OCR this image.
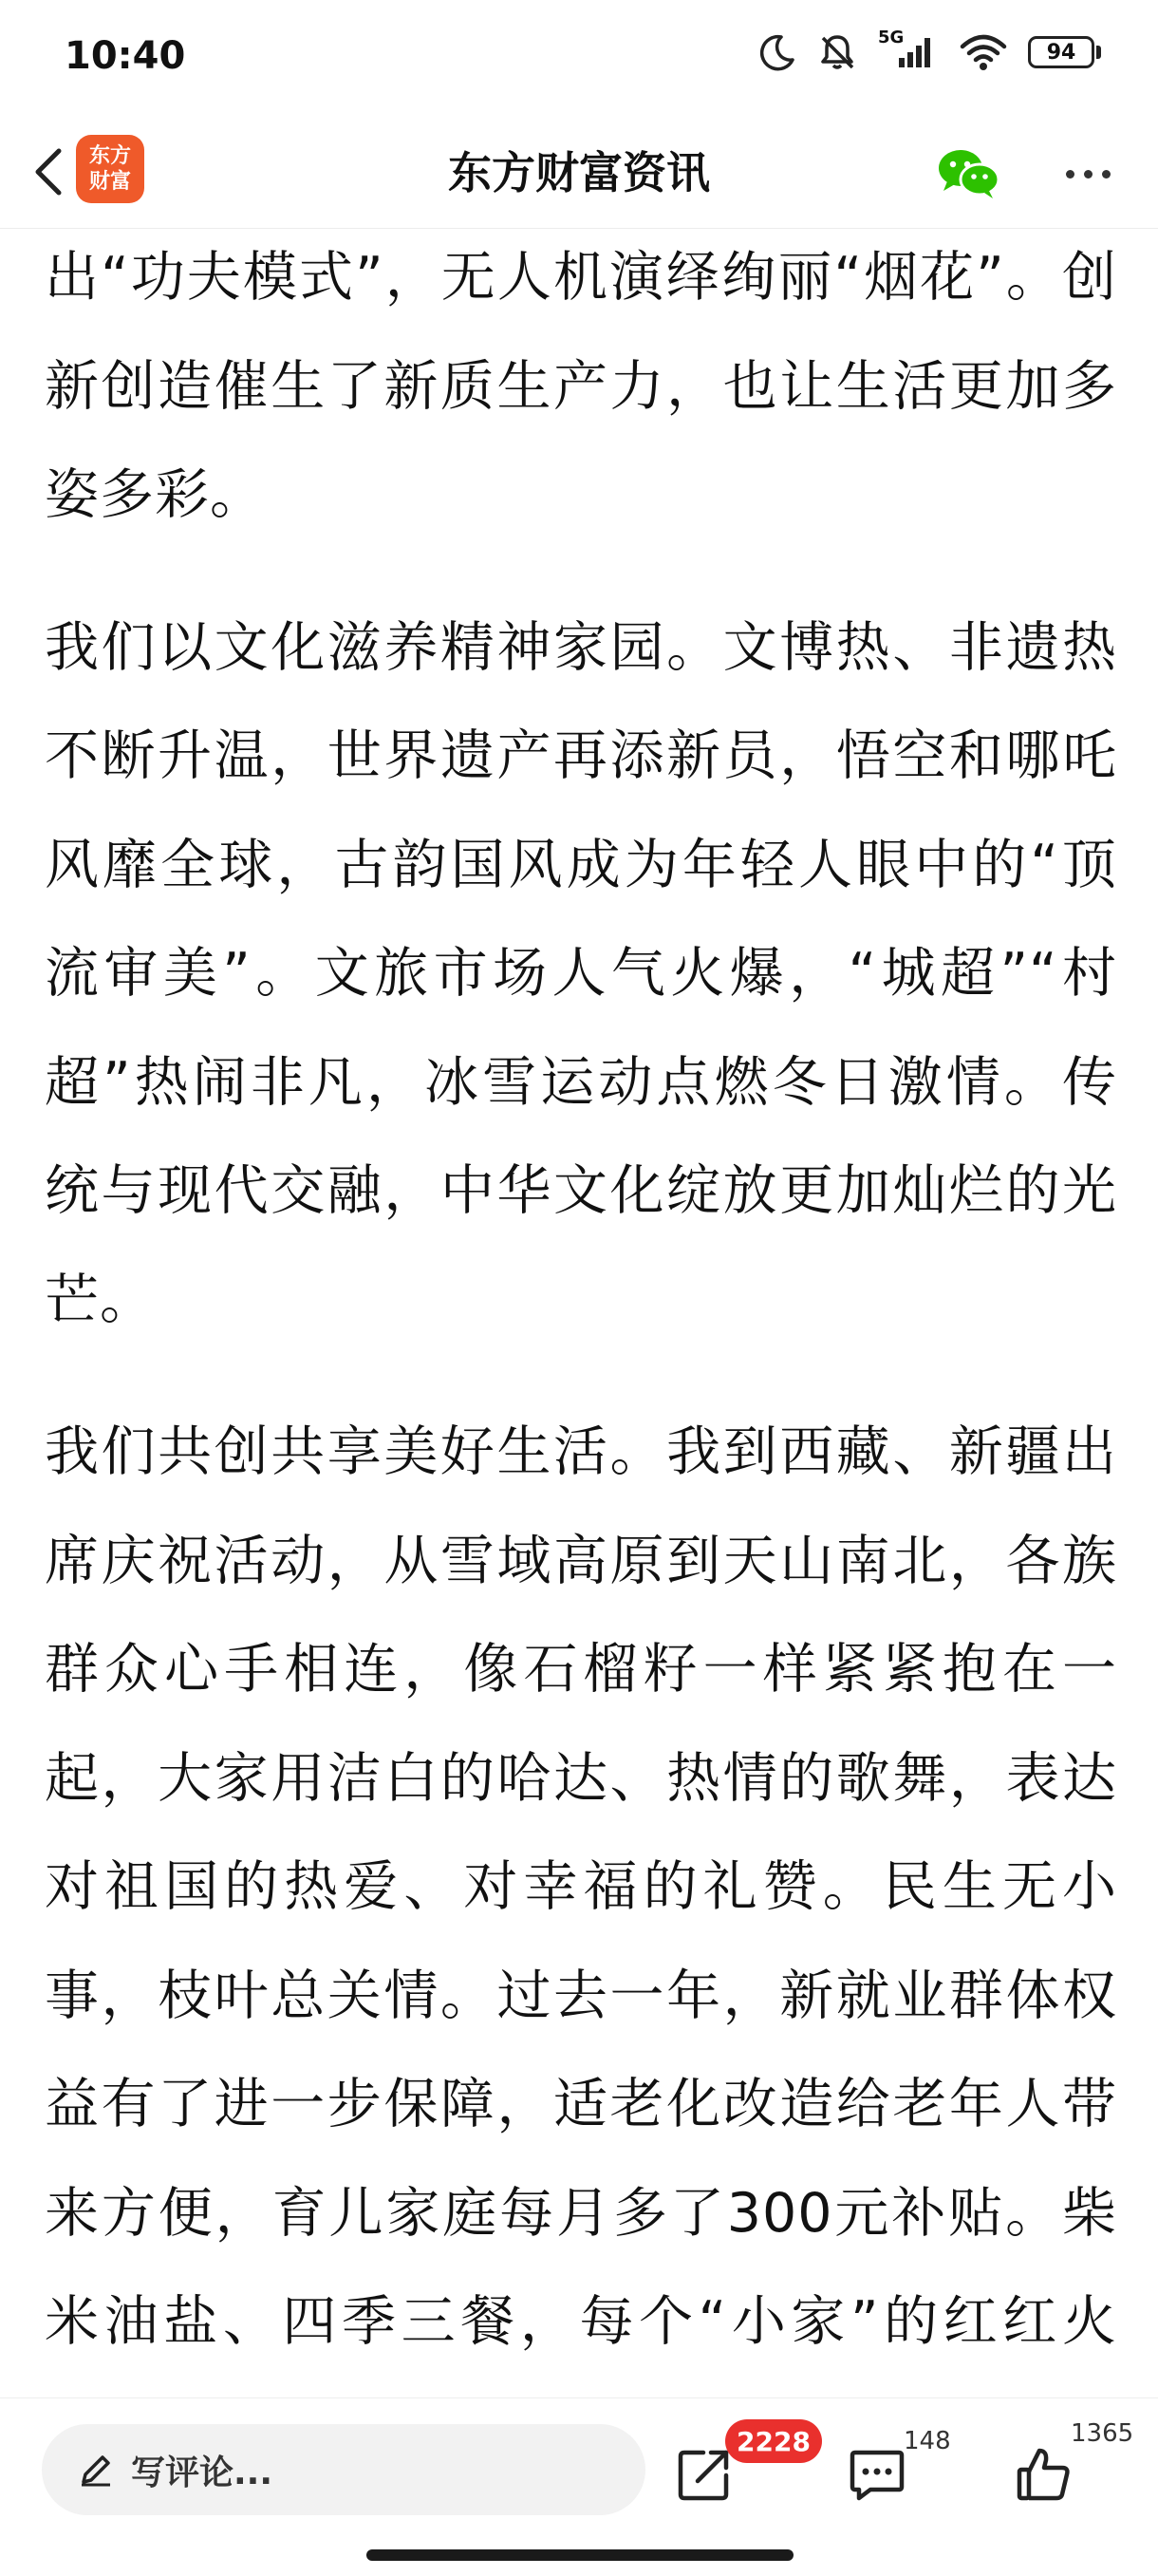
10:40	5G
94
东方
财富	东方财富资讯

出“功夫模式”，无人机演绎绚丽“烟花”。创新创造催生了新质生产力，也让生活更加多姿多彩。

我们以文化滋养精神家园。文博热、非遗热不断升温，世界遗产再添新员，悟空和哪吒风靡全球，古韵国风成为年轻人眼中的“顶流审美”。文旅市场人气火爆，“城超”“村超”热闹非凡，冰雪运动点燃冬日激情。传统与现代交融，中华文化绽放更加灿烂的光芒。

我们共创共享美好生活。我到西藏、新疆出席庆祝活动，从雪域高原到天山南北，各族群众心手相连，像石榴籽一样紧紧抱在一起，大家用洁白的哈达、热情的歌舞，表达对祖国的热爱、对幸福的礼赞。民生无小事，枝叶总关情。过去一年，新就业群体权益有了进一步保障，适老化改造给老年人带来方便，育儿家庭每月多了300元补贴。柴米油盐、四季三餐，每个“小家”的红红火

写评论...
2228	148	1365
